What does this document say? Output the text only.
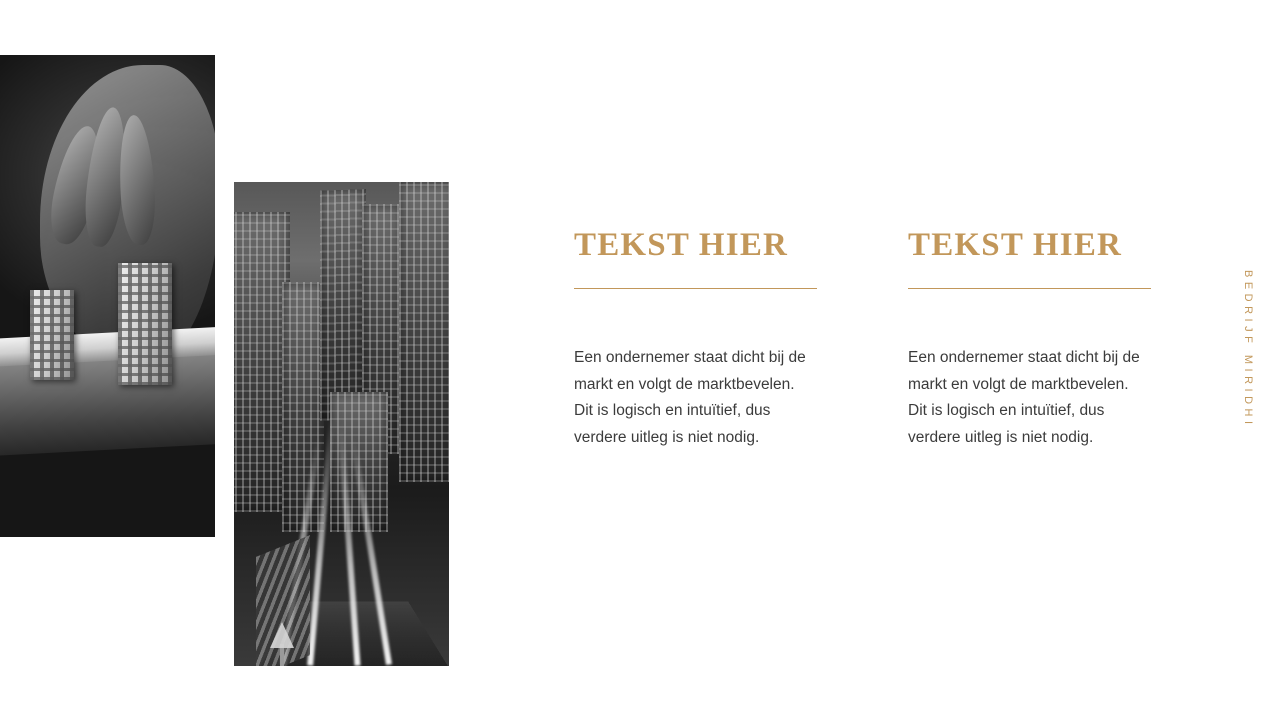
TEKST HIER

Een ondernemer staat dicht bij de markt en volgt de marktbevelen. Dit is logisch en intuïtief, dus verdere uitleg is niet nodig.

TEKST HIER

Een ondernemer staat dicht bij de markt en volgt de marktbevelen. Dit is logisch en intuïtief, dus verdere uitleg is niet nodig.

BEDRIJF MIRIDHI
